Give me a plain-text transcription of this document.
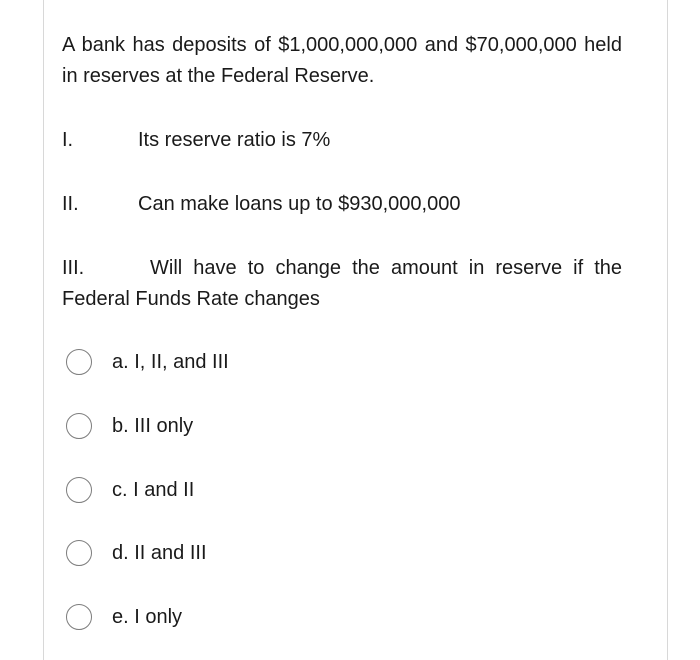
A bank has deposits of $1,000,000,000 and $70,000,000 held in reserves at the Federal Reserve.
I.	Its reserve ratio is 7%
II.	Can make loans up to $930,000,000
III.	Will have to change the amount in reserve if the
Federal Funds Rate changes
a. I, II, and III
b. III only
c. I and II
d. II and III
e. I only
